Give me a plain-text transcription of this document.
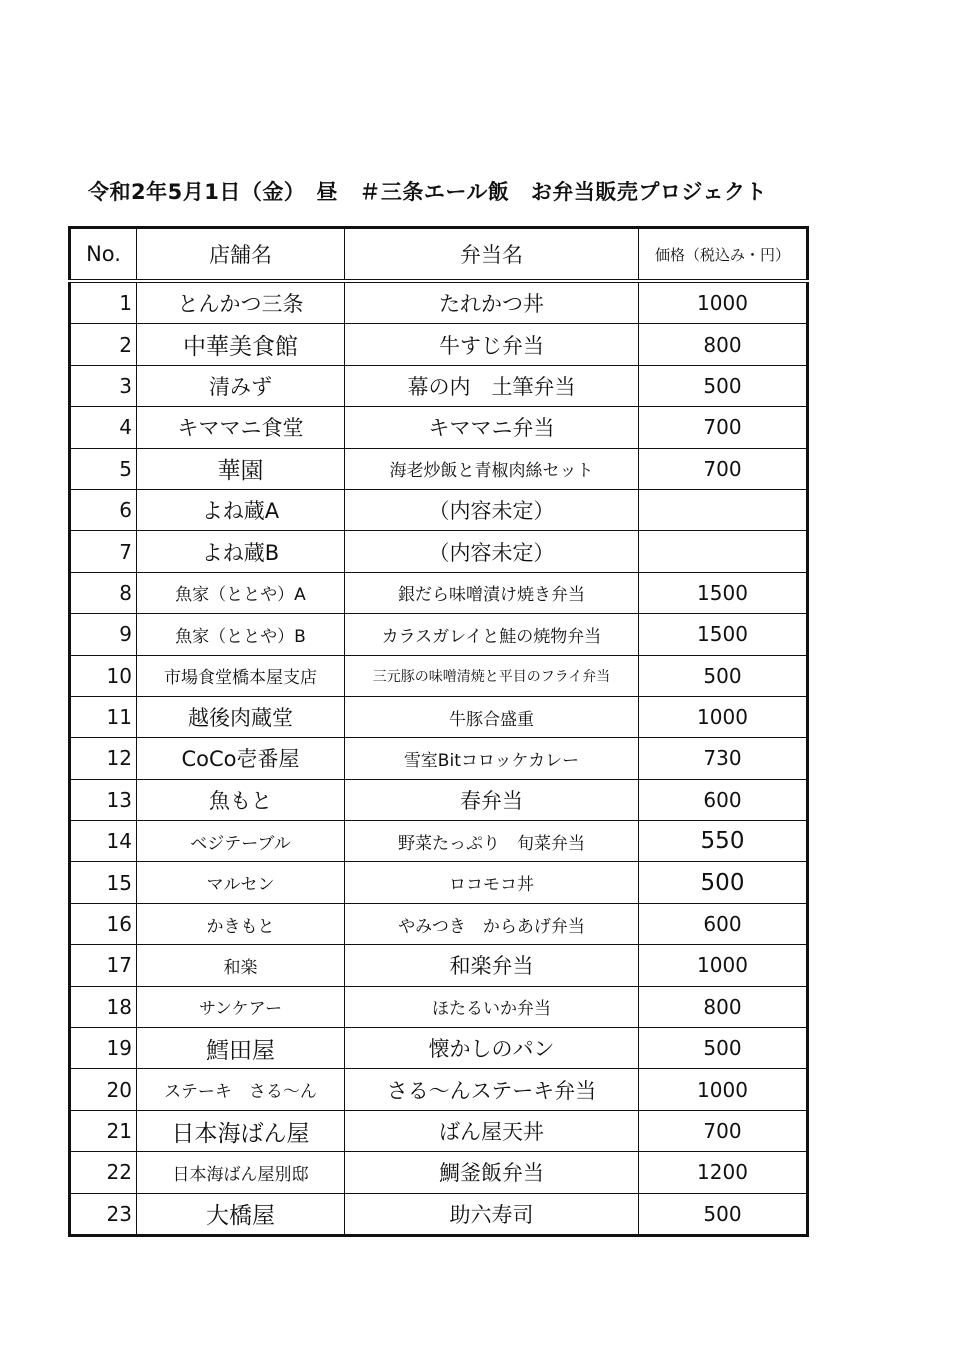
令和2年5月1日（金）　昼　＃三条エール飯　お弁当販売プロジェクト
No.	店舗名	弁当名	価格（税込み・円）
1	とんかつ三条	たれかつ丼	1000
2	中華美食館	牛すじ弁当	800
3	清みず	幕の内　土筆弁当	500
4	キママニ食堂	キママニ弁当	700
5	華園	海老炒飯と青椒肉絲セット	700
6	よね蔵A	（内容未定）	
7	よね蔵B	（内容未定）	
8	魚家（ととや）A	銀だら味噌漬け焼き弁当	1500
9	魚家（ととや）B	カラスガレイと鮭の焼物弁当	1500
10	市場食堂橋本屋支店	三元豚の味噌清焼と平目のフライ弁当	500
11	越後肉蔵堂	牛豚合盛重	1000
12	CoCo壱番屋	雪室Bitコロッケカレー	730
13	魚もと	春弁当	600
14	ベジテーブル	野菜たっぷり　旬菜弁当	550
15	マルセン	ロコモコ丼	500
16	かきもと	やみつき　からあげ弁当	600
17	和楽	和楽弁当	1000
18	サンケアー	ほたるいか弁当	800
19	鱈田屋	懐かしのパン	500
20	ステーキ　さる～ん	さる～んステーキ弁当	1000
21	日本海ばん屋	ばん屋天丼	700
22	日本海ばん屋別邸	鯛釜飯弁当	1200
23	大橋屋	助六寿司	500
